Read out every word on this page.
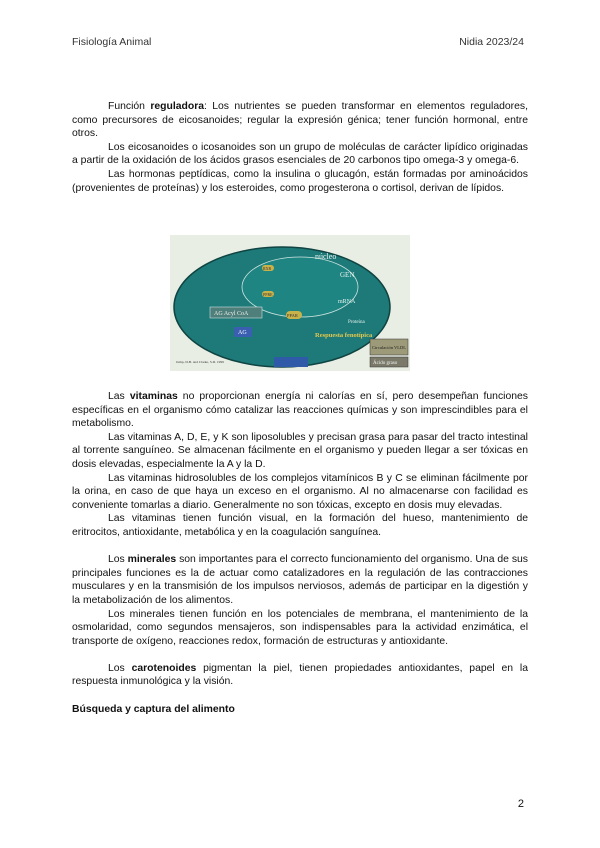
Fisiología Animal	Nidia 2023/24

Función reguladora: Los nutrientes se pueden transformar en elementos reguladores, como precursores de eicosanoides; regular la expresión génica; tener función hormonal, entre otros.

Los eicosanoides o icosanoides son un grupo de moléculas de carácter lipídico originadas a partir de la oxidación de los ácidos grasos esenciales de 20 carbonos tipo omega-3 y omega-6.

Las hormonas peptídicas, como la insulina o glucagón, están formadas por aminoácidos (provenientes de proteínas) y los esteroides, como progesterona o cortisol, derivan de lípidos.

núcleo
GEN
mRNA
Proteína
RXR
PPRE
AG Acyl CoA	PPAR
AG	Respuesta fenotípica
Circulación VLDL
Ácido graso
Jump, D.B. and Clarke, S.D. 1999

Las vitaminas no proporcionan energía ni calorías en sí, pero desempeñan funciones específicas en el organismo cómo catalizar las reacciones químicas y son imprescindibles para el metabolismo.

Las vitaminas A, D, E, y K son liposolubles y precisan grasa para pasar del tracto intestinal al torrente sanguíneo. Se almacenan fácilmente en el organismo y pueden llegar a ser tóxicas en dosis elevadas, especialmente la A y la D.

Las vitaminas hidrosolubles de los complejos vitamínicos B y C se eliminan fácilmente por la orina, en caso de que haya un exceso en el organismo. Al no almacenarse con facilidad es conveniente tomarlas a diario. Generalmente no son tóxicas, excepto en dosis muy elevadas.

Las vitaminas tienen función visual, en la formación del hueso, mantenimiento de eritrocitos, antioxidante, metabólica y en la coagulación sanguínea.

Los minerales son importantes para el correcto funcionamiento del organismo. Una de sus principales funciones es la de actuar como catalizadores en la regulación de las contracciones musculares y en la transmisión de los impulsos nerviosos, además de participar en la digestión y la metabolización de los alimentos.

Los minerales tienen función en los potenciales de membrana, el mantenimiento de la osmolaridad, como segundos mensajeros, son indispensables para la actividad enzimática, el transporte de oxígeno, reacciones redox, formación de estructuras y antioxidante.

Los carotenoides pigmentan la piel, tienen propiedades antioxidantes, papel en la respuesta inmunológica y la visión.

Búsqueda y captura del alimento

2
